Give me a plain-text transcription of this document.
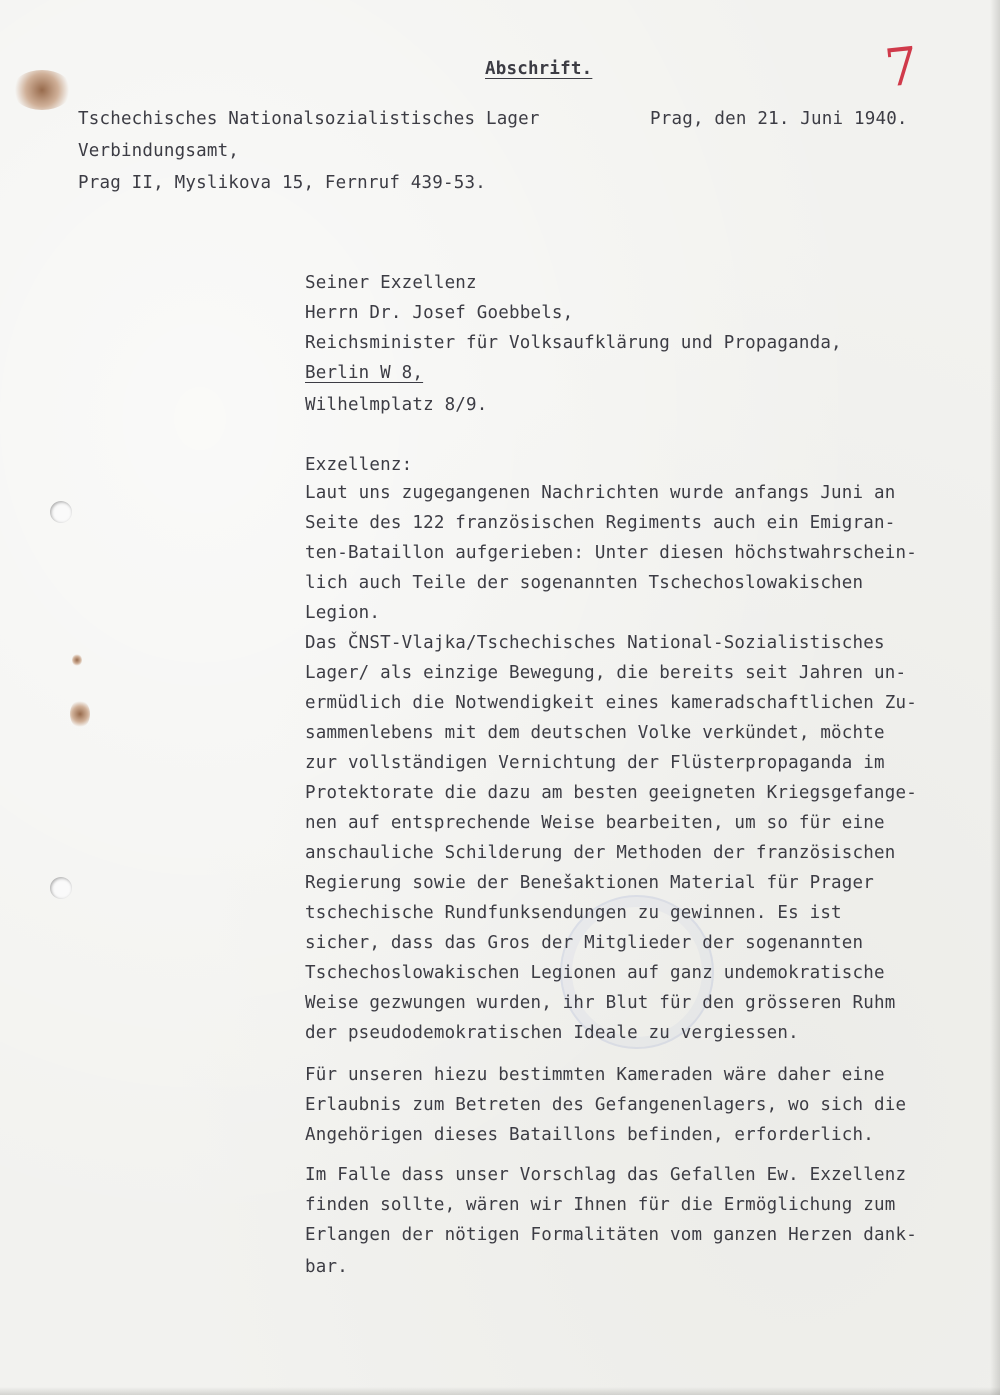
Abschrift.	7
Tschechisches Nationalsozialistisches Lager	Prag, den 21. Juni 1940.
Verbindungsamt,
Prag II, Myslikova 15, Fernruf 439-53.
Seiner Exzellenz
Herrn Dr. Josef Goebbels,
Reichsminister für Volksaufklärung und Propaganda,
Berlin W 8,
Wilhelmplatz 8/9.
Exzellenz:
Laut uns zugegangenen Nachrichten wurde anfangs Juni an
Seite des 122 französischen Regiments auch ein Emigran-
ten-Bataillon aufgerieben: Unter diesen höchstwahrschein-
lich auch Teile der sogenannten Tschechoslowakischen
Legion.
Das ČNST-Vlajka/Tschechisches National-Sozialistisches
Lager/ als einzige Bewegung, die bereits seit Jahren un-
ermüdlich die Notwendigkeit eines kameradschaftlichen Zu-
sammenlebens mit dem deutschen Volke verkündet, möchte
zur vollständigen Vernichtung der Flüsterpropaganda im
Protektorate die dazu am besten geeigneten Kriegsgefange-
nen auf entsprechende Weise bearbeiten, um so für eine
anschauliche Schilderung der Methoden der französischen
Regierung sowie der Benešaktionen Material für Prager
tschechische Rundfunksendungen zu gewinnen. Es ist
sicher, dass das Gros der Mitglieder der sogenannten
Tschechoslowakischen Legionen auf ganz undemokratische
Weise gezwungen wurden, ihr Blut für den grösseren Ruhm
der pseudodemokratischen Ideale zu vergiessen.
Für unseren hiezu bestimmten Kameraden wäre daher eine
Erlaubnis zum Betreten des Gefangenenlagers, wo sich die
Angehörigen dieses Bataillons befinden, erforderlich.
Im Falle dass unser Vorschlag das Gefallen Ew. Exzellenz
finden sollte, wären wir Ihnen für die Ermöglichung zum
Erlangen der nötigen Formalitäten vom ganzen Herzen dank-
bar.
